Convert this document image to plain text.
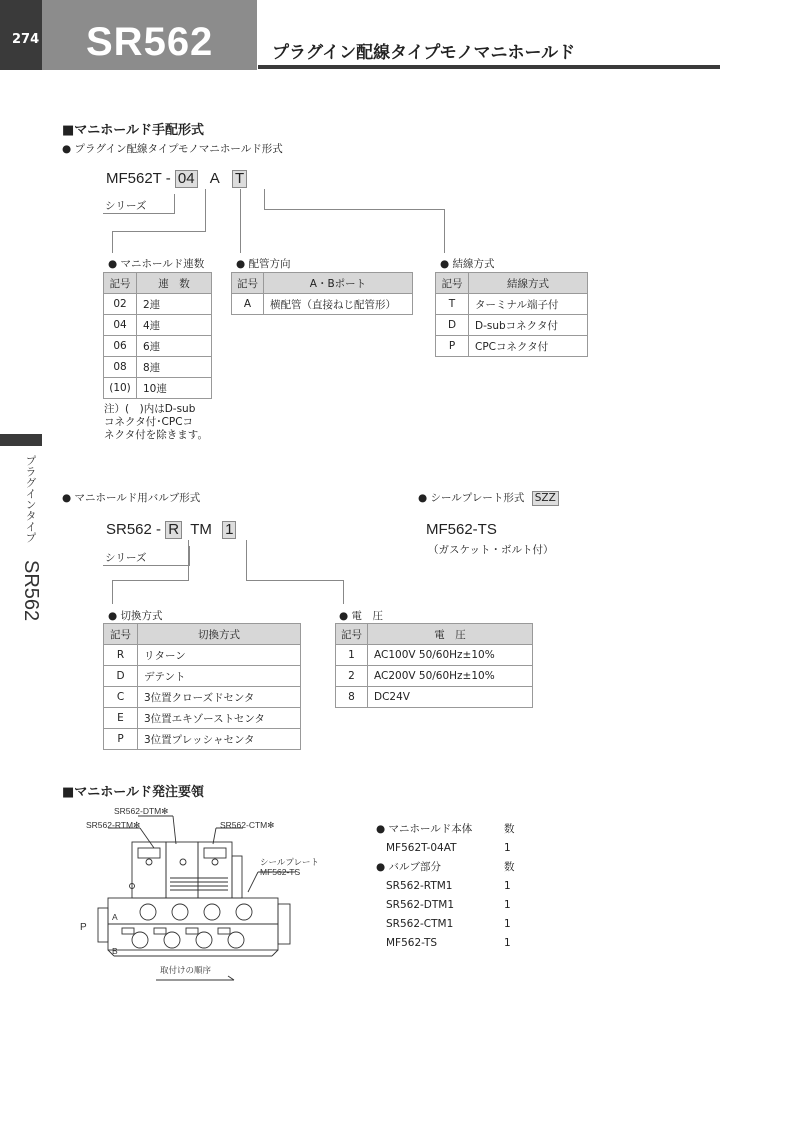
274	SR562	プラグイン配線タイプモノマニホールド
プラグインタイプ
SR562
■マニホールド手配形式
● プラグイン配線タイプモノマニホールド形式
MF562T - 04 A T
シリーズ
● マニホールド連数
記号	連　数
02	2連
04	4連
06	6連
08	8連
(10)	10連
注）(　)内はD-sub
コネクタ付･CPCコ
ネクタ付を除きます。
● 配管方向
記号	A・Bポート
A	横配管（直接ねじ配管形）
● 結線方式
記号	結線方式
T	ターミナル端子付
D	D-subコネクタ付
P	CPCコネクタ付
● マニホールド用バルブ形式
SR562 - R TM 1
シリーズ
● 切換方式
記号	切換方式
R	リターン
D	デテント
C	3位置クローズドセンタ
E	3位置エキゾーストセンタ
P	3位置プレッシャセンタ
● 電　圧
記号	電　圧
1	AC100V 50/60Hz±10%
2	AC200V 50/60Hz±10%
8	DC24V
● シールプレート形式 SZZ
MF562-TS
（ガスケット・ボルト付）
■マニホールド発注要領
SR562-DTM✻
SR562-RTM✻	SR562-CTM✻
シールプレート
MF562-TS
A
B
P
取付けの順序
● マニホールド本体	数
MF562T-04AT	1
● バルブ部分	数
SR562-RTM1	1
SR562-DTM1	1
SR562-CTM1	1
MF562-TS	1
